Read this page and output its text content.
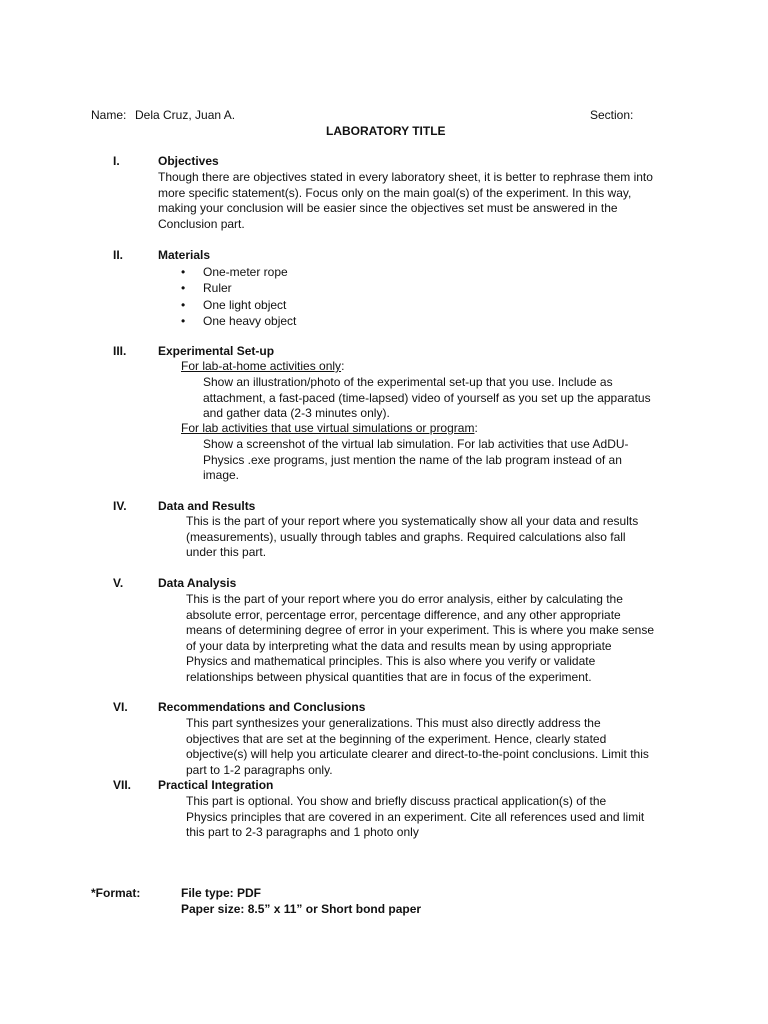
Name: Dela Cruz, Juan A.	Section:
LABORATORY TITLE
I.	Objectives
Though there are objectives stated in every laboratory sheet, it is better to rephrase them into
more specific statement(s). Focus only on the main goal(s) of the experiment. In this way,
making your conclusion will be easier since the objectives set must be answered in the
Conclusion part.
II.	Materials
• One-meter rope
• Ruler
• One light object
• One heavy object
III.	Experimental Set-up
For lab-at-home activities only:
Show an illustration/photo of the experimental set-up that you use. Include as
attachment, a fast-paced (time-lapsed) video of yourself as you set up the apparatus
and gather data (2-3 minutes only).
For lab activities that use virtual simulations or program:
Show a screenshot of the virtual lab simulation. For lab activities that use AdDU-
Physics .exe programs, just mention the name of the lab program instead of an
image.
IV.	Data and Results
This is the part of your report where you systematically show all your data and results
(measurements), usually through tables and graphs. Required calculations also fall
under this part.
V.	Data Analysis
This is the part of your report where you do error analysis, either by calculating the
absolute error, percentage error, percentage difference, and any other appropriate
means of determining degree of error in your experiment. This is where you make sense
of your data by interpreting what the data and results mean by using appropriate
Physics and mathematical principles. This is also where you verify or validate
relationships between physical quantities that are in focus of the experiment.
VI.	Recommendations and Conclusions
This part synthesizes your generalizations. This must also directly address the
objectives that are set at the beginning of the experiment. Hence, clearly stated
objective(s) will help you articulate clearer and direct-to-the-point conclusions. Limit this
part to 1-2 paragraphs only.
VII. Practical Integration
This part is optional. You show and briefly discuss practical application(s) of the
Physics principles that are covered in an experiment. Cite all references used and limit
this part to 2-3 paragraphs and 1 photo only
*Format:	File type: PDF
Paper size: 8.5” x 11” or Short bond paper
